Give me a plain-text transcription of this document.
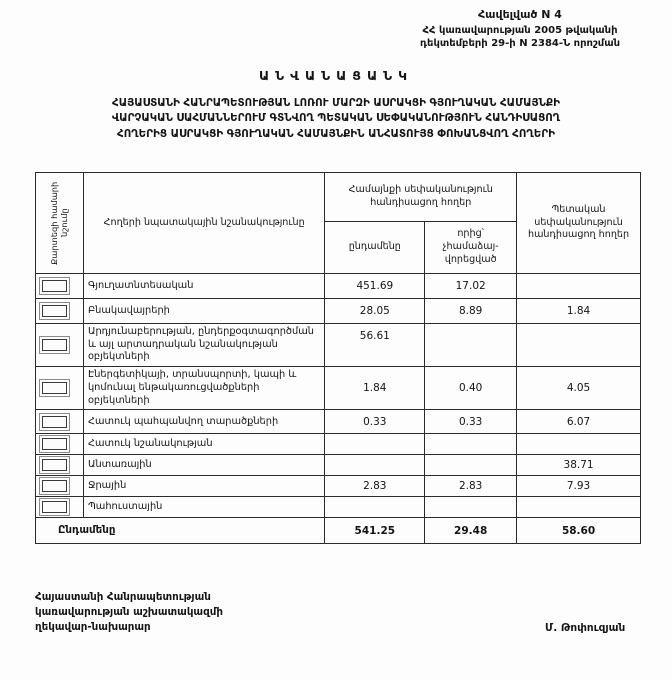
Հավելված N 4
ՀՀ կառավարության 2005 թվականի
դեկտեմբերի 29-ի N 2384-Ն որոշման
ԱՆՎԱՆԱՑԱՆԿ
ՀԱՅԱՍՏԱՆԻ ՀԱՆՐԱՊԵՏՈՒԹՅԱՆ ԼՈՌՈՒ ՄԱՐԶԻ ԱՍՐԱԿՑԻ ԳՅՈՒՂԱԿԱՆ ՀԱՄԱՅՆՔԻ
ՎԱՐՉԱԿԱՆ ՍԱՀՄԱՆՆԵՐՈՒՄ ԳՏՆՎՈՂ ՊԵՏԱԿԱՆ ՍԵՓԱԿԱՆՈՒԹՅՈՒՆ ՀԱՆԴԻՍԱՑՈՂ
ՀՈՂԵՐԻՑ ԱՍՐԱԿՑԻ ԳՅՈՒՂԱԿԱՆ ՀԱՄԱՅՆՔԻՆ ԱՆՀԱՏՈՒՅՑ ՓՈԽԱՆՑՎՈՂ ՀՈՂԵՐԻ
Քարտեզի համարի նշումը	Հողերի նպատակային նշանակությունը	Համայնքի սեփականություն հանդիսացող հողեր		Պետական սեփականություն հանդիսացող հողեր
		ընդամենը	որից՝ չհամաձայ-վորեցված	

	Գյուղատնտեսական	451.69	17.02	

	Բնակավայրերի	28.05	8.89	1.84

	Արդյունաբերության, ընդերքօգտագործման և այլ արտադրական նշանակության օբյեկտների	56.61		

	Էներգետիկայի, տրանսպորտի, կապի և կոմունալ ենթակառուցվածքների օբյեկտների	1.84	0.40	4.05

	Հատուկ պահպանվող տարածքների	0.33	0.33	6.07

	Հատուկ նշանակության			

	Անտառային			38.71

	Ջրային	2.83	2.83	7.93

	Պահուստային			
Ընդամենը		541.25	29.48	58.60
Հայաստանի Հանրապետության
կառավարության աշխատակազմի
ղեկավար-նախարար	Մ. Թոփուզյան
